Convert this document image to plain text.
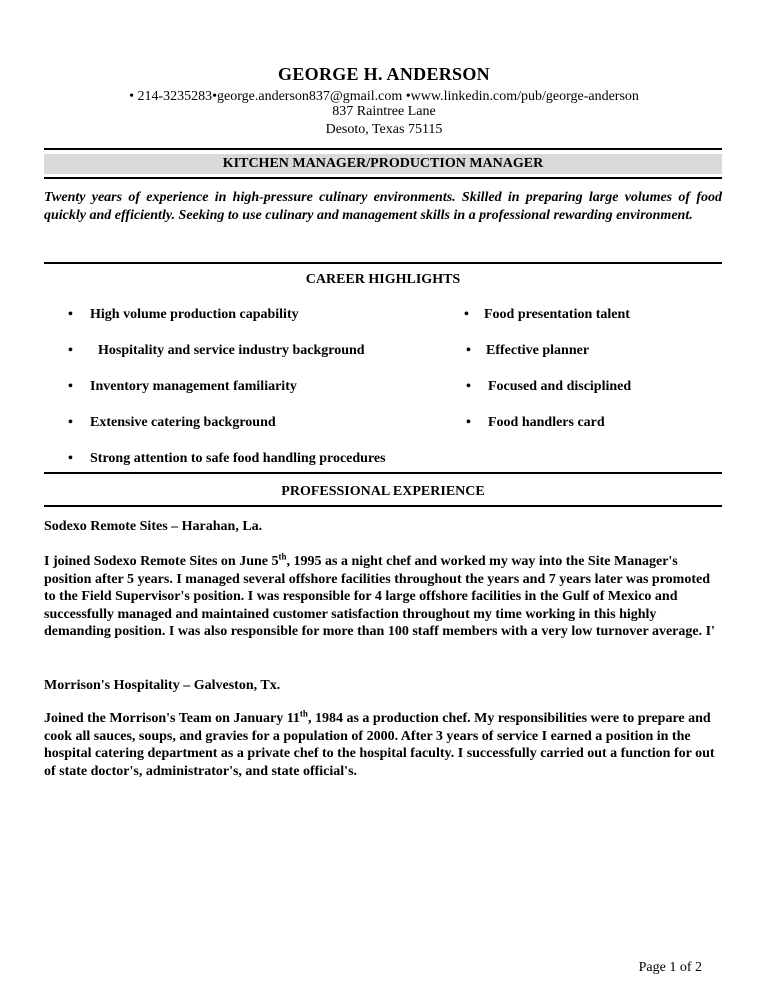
GEORGE H. ANDERSON
• 214-3235283•george.anderson837@gmail.com •www.linkedin.com/pub/george-anderson
837 Raintree Lane
Desoto, Texas 75115
KITCHEN MANAGER/PRODUCTION MANAGER
Twenty years of experience in high-pressure culinary environments. Skilled in preparing large volumes of food quickly and efficiently. Seeking to use culinary and management skills in a professional rewarding environment.
CAREER HIGHLIGHTS
• High volume production capability
• Hospitality and service industry background
• Inventory management familiarity
• Extensive catering background
• Strong attention to safe food handling procedures
• Food presentation talent
• Effective planner
• Focused and disciplined
• Food handlers card
PROFESSIONAL EXPERIENCE
Sodexo Remote Sites – Harahan, La.
I joined Sodexo Remote Sites on June 5th, 1995 as a night chef and worked my way into the Site Manager's position after 5 years. I managed several offshore facilities throughout the years and 7 years later was promoted to the Field Supervisor's position. I was responsible for 4 large offshore facilities in the Gulf of Mexico and successfully managed and maintained customer satisfaction throughout my time working in this highly demanding position. I was also responsible for more than 100 staff members with a very low turnover average. I'
Morrison's Hospitality – Galveston, Tx.
Joined the Morrison's Team on January 11th, 1984 as a production chef. My responsibilities were to prepare and cook all sauces, soups, and gravies for a population of 2000. After 3 years of service I earned a position in the hospital catering department as a private chef to the hospital faculty. I successfully carried out a function for out of state doctor's, administrator's, and state official's.
Page 1 of 2
